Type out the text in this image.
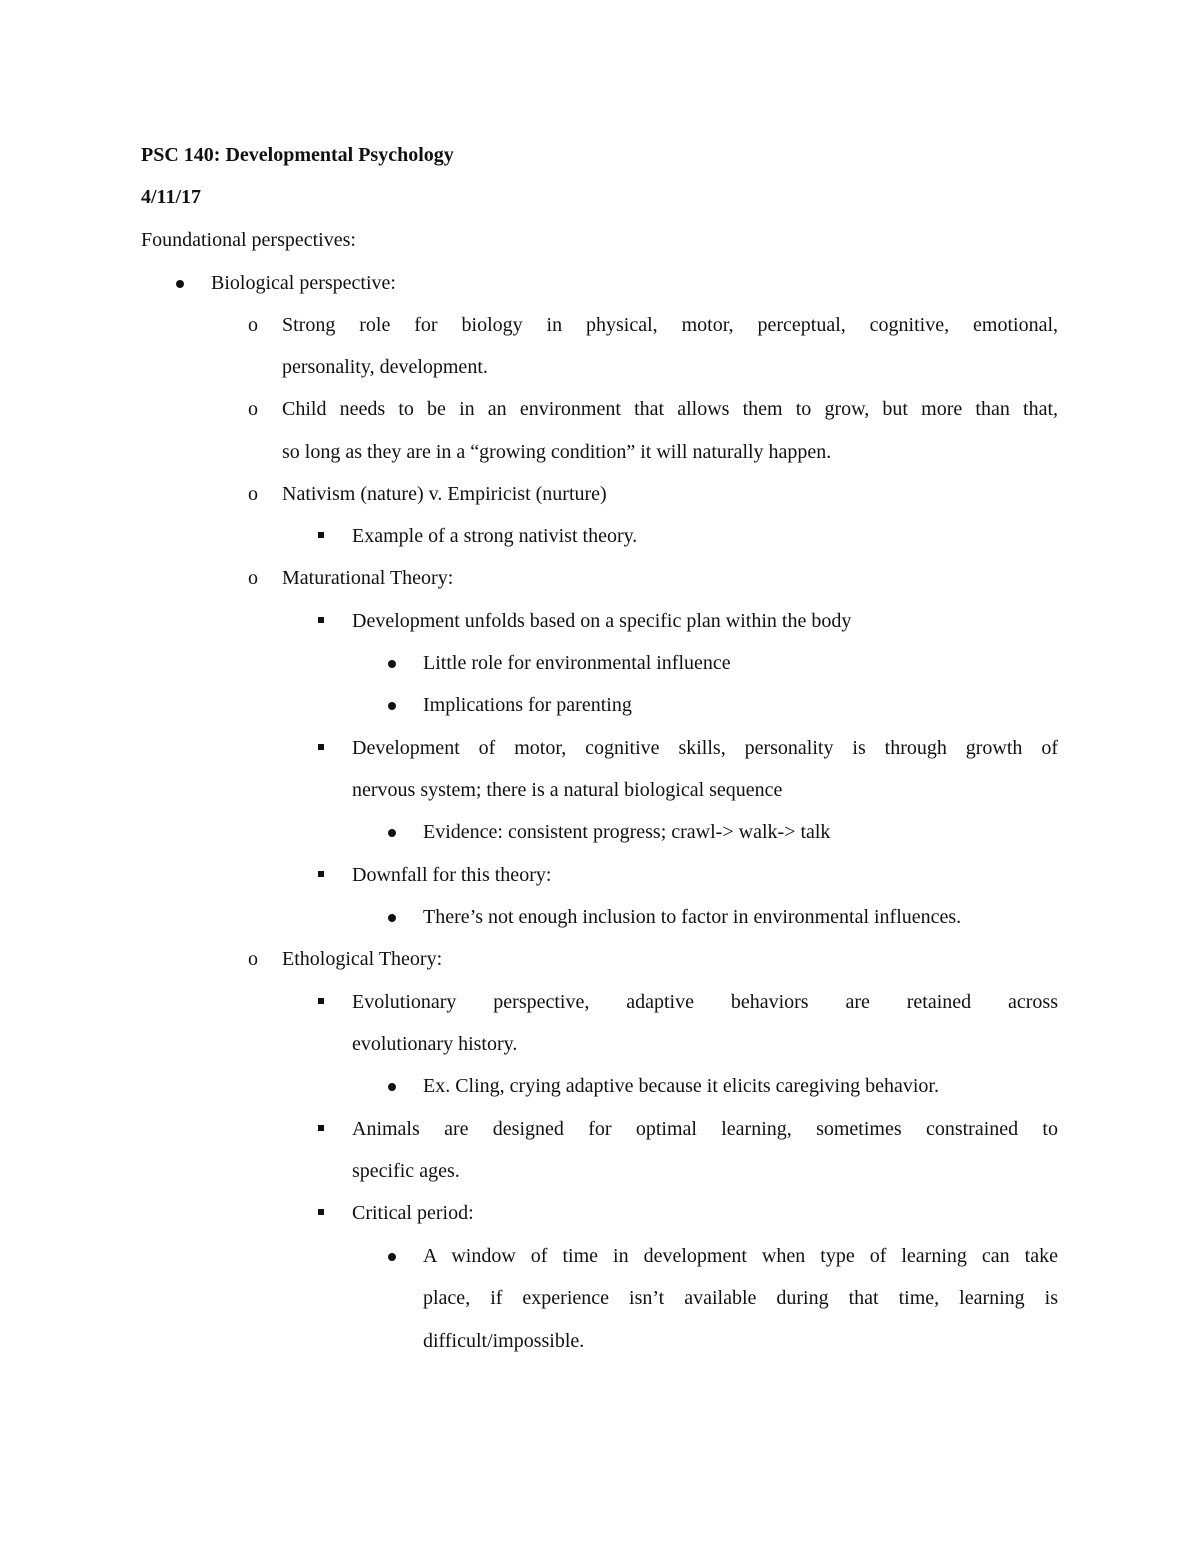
PSC 140: Developmental Psychology
4/11/17
Foundational perspectives:
Biological perspective:
o Strong role for biology in physical, motor, perceptual, cognitive, emotional,
personality, development.
o Child needs to be in an environment that allows them to grow, but more than that,
so long as they are in a “growing condition” it will naturally happen.
o Nativism (nature) v. Empiricist (nurture)
Example of a strong nativist theory.
o Maturational Theory:
Development unfolds based on a specific plan within the body
Little role for environmental influence
Implications for parenting
Development of motor, cognitive skills, personality is through growth of
nervous system; there is a natural biological sequence
Evidence: consistent progress; crawl-> walk-> talk
Downfall for this theory:
There’s not enough inclusion to factor in environmental influences.
o Ethological Theory:
Evolutionary perspective, adaptive behaviors are retained across
evolutionary history.
Ex. Cling, crying adaptive because it elicits caregiving behavior.
Animals are designed for optimal learning, sometimes constrained to
specific ages.
Critical period:
A window of time in development when type of learning can take
place, if experience isn’t available during that time, learning is
difficult/impossible.
